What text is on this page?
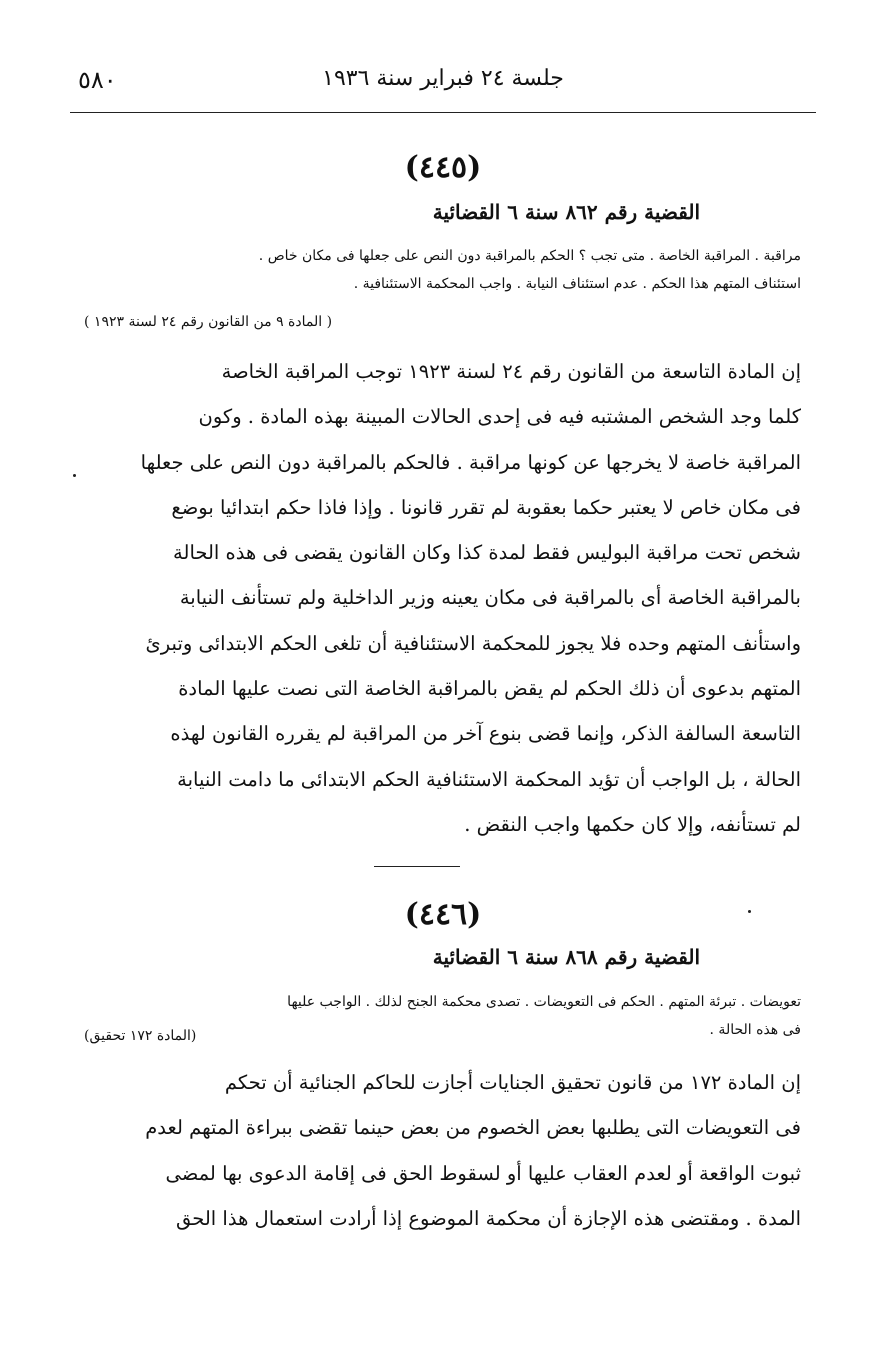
٥٨٠	جلسة ٢٤ فبراير سنة ١٩٣٦
(٤٤٥)
القضية رقم ٨٦٢ سنة ٦ القضائية

مراقبة . المراقبة الخاصة . متى تجب ؟ الحكم بالمراقبة دون النص على جعلها فى مكان خاص .

استئناف المتهم هذا الحكم . عدم استئناف النيابة . واجب المحكمة الاستئنافية .

( المادة ٩ من القانون رقم ٢٤ لسنة ١٩٢٣ )

إن المادة التاسعة من القانون رقم ٢٤ لسنة ١٩٢٣ توجب المراقبة الخاصة

كلما وجد الشخص المشتبه فيه فى إحدى الحالات المبينة بهذه المادة . وكون

المراقبة خاصة لا يخرجها عن كونها مراقبة . فالحكم بالمراقبة دون النص على جعلها

فى مكان خاص لا يعتبر حكما بعقوبة لم تقرر قانونا . وإذا فاذا حكم ابتدائيا بوضع

شخص تحت مراقبة البوليس فقط لمدة كذا وكان القانون يقضى فى هذه الحالة

بالمراقبة الخاصة أى بالمراقبة فى مكان يعينه وزير الداخلية ولم تستأنف النيابة

واستأنف المتهم وحده فلا يجوز للمحكمة الاستئنافية أن تلغى الحكم الابتدائى وتبرئ

المتهم بدعوى أن ذلك الحكم لم يقض بالمراقبة الخاصة التى نصت عليها المادة

التاسعة السالفة الذكر، وإنما قضى بنوع آخر من المراقبة لم يقرره القانون لهذه

الحالة ، بل الواجب أن تؤيد المحكمة الاستئنافية الحكم الابتدائى ما دامت النيابة

لم تستأنفه، وإلا كان حكمها واجب النقض .

(٤٤٦)
القضية رقم ٨٦٨ سنة ٦ القضائية

تعويضات . تبرئة المتهم . الحكم فى التعويضات . تصدى محكمة الجنح لذلك . الواجب عليها

فى هذه الحالة .

(المادة ١٧٢ تحقيق)

إن المادة ١٧٢ من قانون تحقيق الجنايات أجازت للحاكم الجنائية أن تحكم

فى التعويضات التى يطلبها بعض الخصوم من بعض حينما تقضى ببراءة المتهم لعدم

ثبوت الواقعة أو لعدم العقاب عليها أو لسقوط الحق فى إقامة الدعوى بها لمضى

المدة . ومقتضى هذه الإجازة أن محكمة الموضوع إذا أرادت استعمال هذا الحق
